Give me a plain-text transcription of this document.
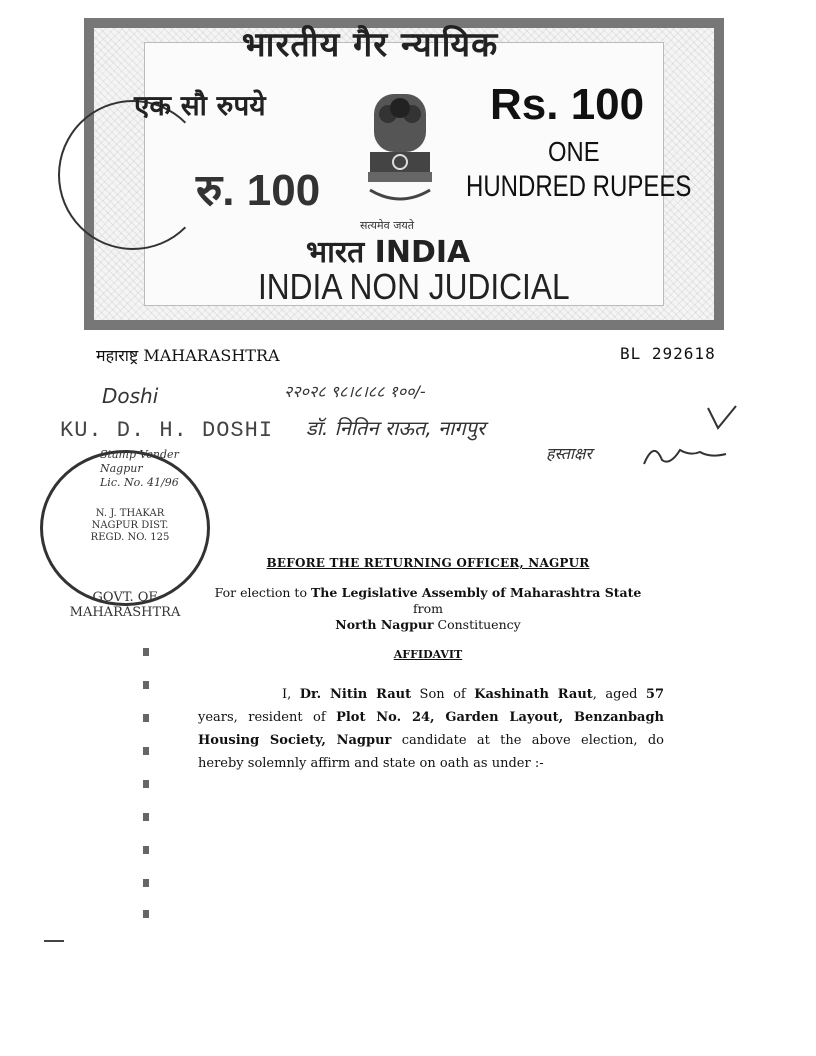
भारतीय गैर न्यायिक
एक सौ रुपये	Rs. 100
ONE
HUNDRED RUPEES
रु. 100
सत्यमेव जयते
भारत INDIA
INDIA NON JUDICIAL
महाराष्ट्र MAHARASHTRA	BL 292618
Doshi	२२०२८ ९८।८।८८ १००/-
डॉ. नितिन राऊत, नागपुर
हस्ताक्षर
KU. D. H. DOSHI
Stamp Vender
Nagpur
Lic. No. 41/96
N. J. THAKAR
NAGPUR DIST.
REGD. NO. 125
GOVT. OF MAHARASHTRA
BEFORE THE RETURNING OFFICER, NAGPUR
For election to The Legislative Assembly of Maharashtra State from
North Nagpur Constituency
AFFIDAVIT
I, Dr. Nitin Raut Son of Kashinath Raut, aged 57 years, resident of Plot No. 24, Garden Layout, Benzanbagh Housing Society, Nagpur candidate at the above election, do hereby solemnly affirm and state on oath as under :-
